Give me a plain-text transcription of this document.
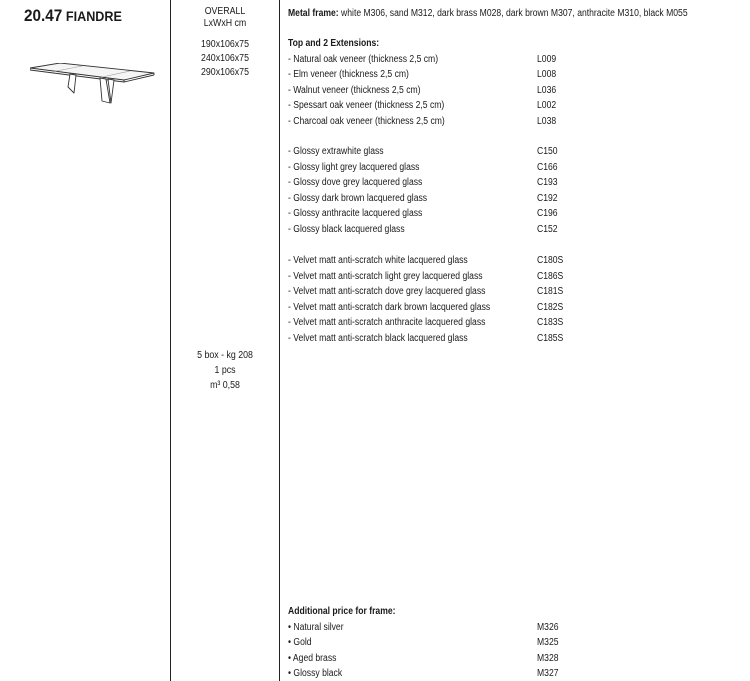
20.47 FIANDRE	OVERALL
LxWxH cm
190x106x75
240x106x75
290x106x75
5 box - kg 208
1 pcs
m³ 0,58
Metal frame: white M306, sand M312, dark brass M028, dark brown M307, anthracite M310, black M055
Top and 2 Extensions:
- Natural oak veneer (thickness 2,5 cm)	L009
- Elm veneer (thickness 2,5 cm)	L008
- Walnut veneer (thickness 2,5 cm)	L036
- Spessart oak veneer (thickness 2,5 cm)	L002
- Charcoal oak veneer (thickness 2,5 cm)	L038
- Glossy extrawhite glass	C150
- Glossy light grey lacquered glass	C166
- Glossy dove grey lacquered glass	C193
- Glossy dark brown lacquered glass	C192
- Glossy anthracite lacquered glass	C196
- Glossy black lacquered glass	C152
- Velvet matt anti-scratch white lacquered glass	C180S
- Velvet matt anti-scratch light grey lacquered glass	C186S
- Velvet matt anti-scratch dove grey lacquered glass	C181S
- Velvet matt anti-scratch dark brown lacquered glass	C182S
- Velvet matt anti-scratch anthracite lacquered glass	C183S
- Velvet matt anti-scratch black lacquered glass	C185S
Additional price for frame:
• Natural silver	M326
• Gold	M325
• Aged brass	M328
• Glossy black	M327
